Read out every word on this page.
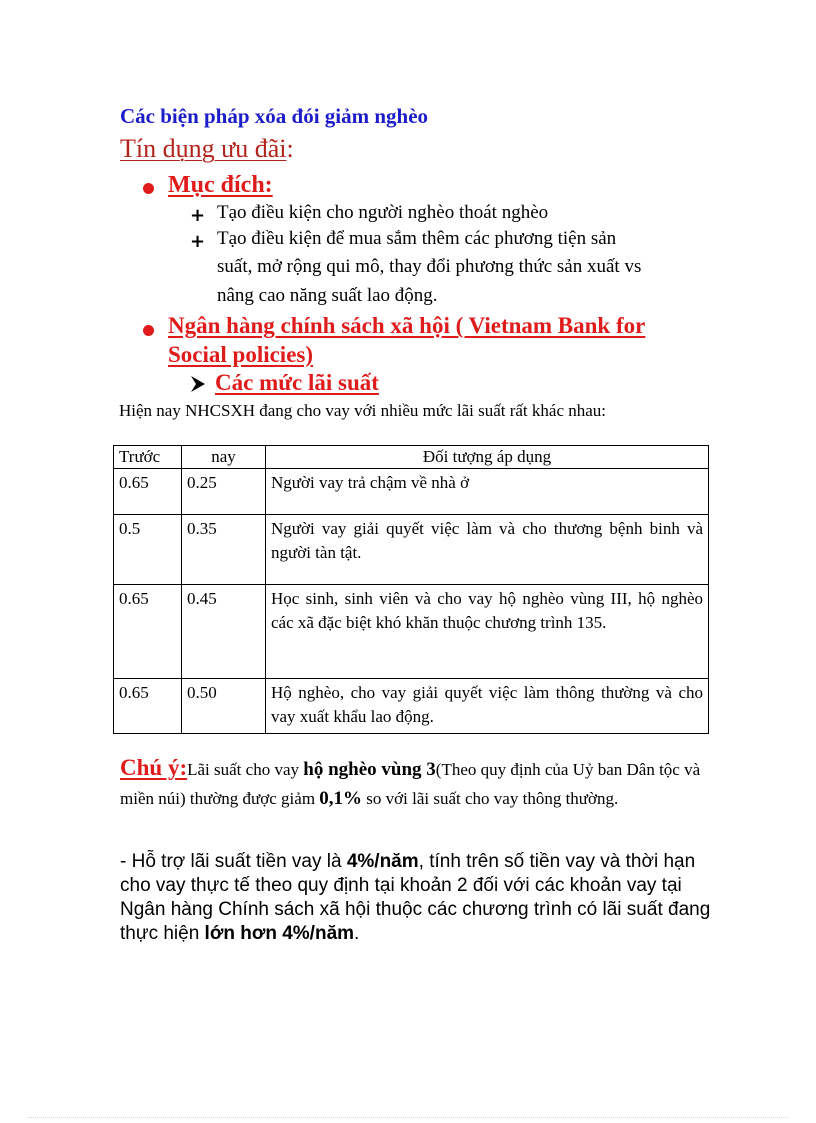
Các biện pháp xóa đói giảm nghèo
Tín dụng ưu đãi:
Mục đích:
+ Tạo điều kiện cho người nghèo thoát nghèo
+ Tạo điều kiện để mua sắm thêm các phương tiện sản
suất, mở rộng qui mô, thay đổi phương thức sản xuất vs
nâng cao năng suất lao động.
Ngân hàng chính sách xã hội ( Vietnam Bank for
Social policies)
Các mức lãi suất
Hiện nay NHCSXH đang cho vay với nhiều mức lãi suất rất khác nhau:
Trước	nay	Đối tượng áp dụng
0.65	0.25	Người vay trả chậm về nhà ở
0.5	0.35	Người vay giải quyết việc làm và cho thương bệnh binh và người tàn tật.
0.65	0.45	Học sinh, sinh viên và cho vay hộ nghèo vùng III, hộ nghèo các xã đặc biệt khó khăn thuộc chương trình 135.
0.65	0.50	Hộ nghèo, cho vay giải quyết việc làm thông thường và cho vay xuất khẩu lao động.
Chú ý:Lãi suất cho vay hộ nghèo vùng 3(Theo quy định của Uỷ ban Dân tộc và miền núi) thường được giảm 0,1% so với lãi suất cho vay thông thường.
- Hỗ trợ lãi suất tiền vay là 4%/năm, tính trên số tiền vay và thời hạn cho vay thực tế theo quy định tại khoản 2 đối với các khoản vay tại Ngân hàng Chính sách xã hội thuộc các chương trình có lãi suất đang thực hiện lớn hơn 4%/năm.
